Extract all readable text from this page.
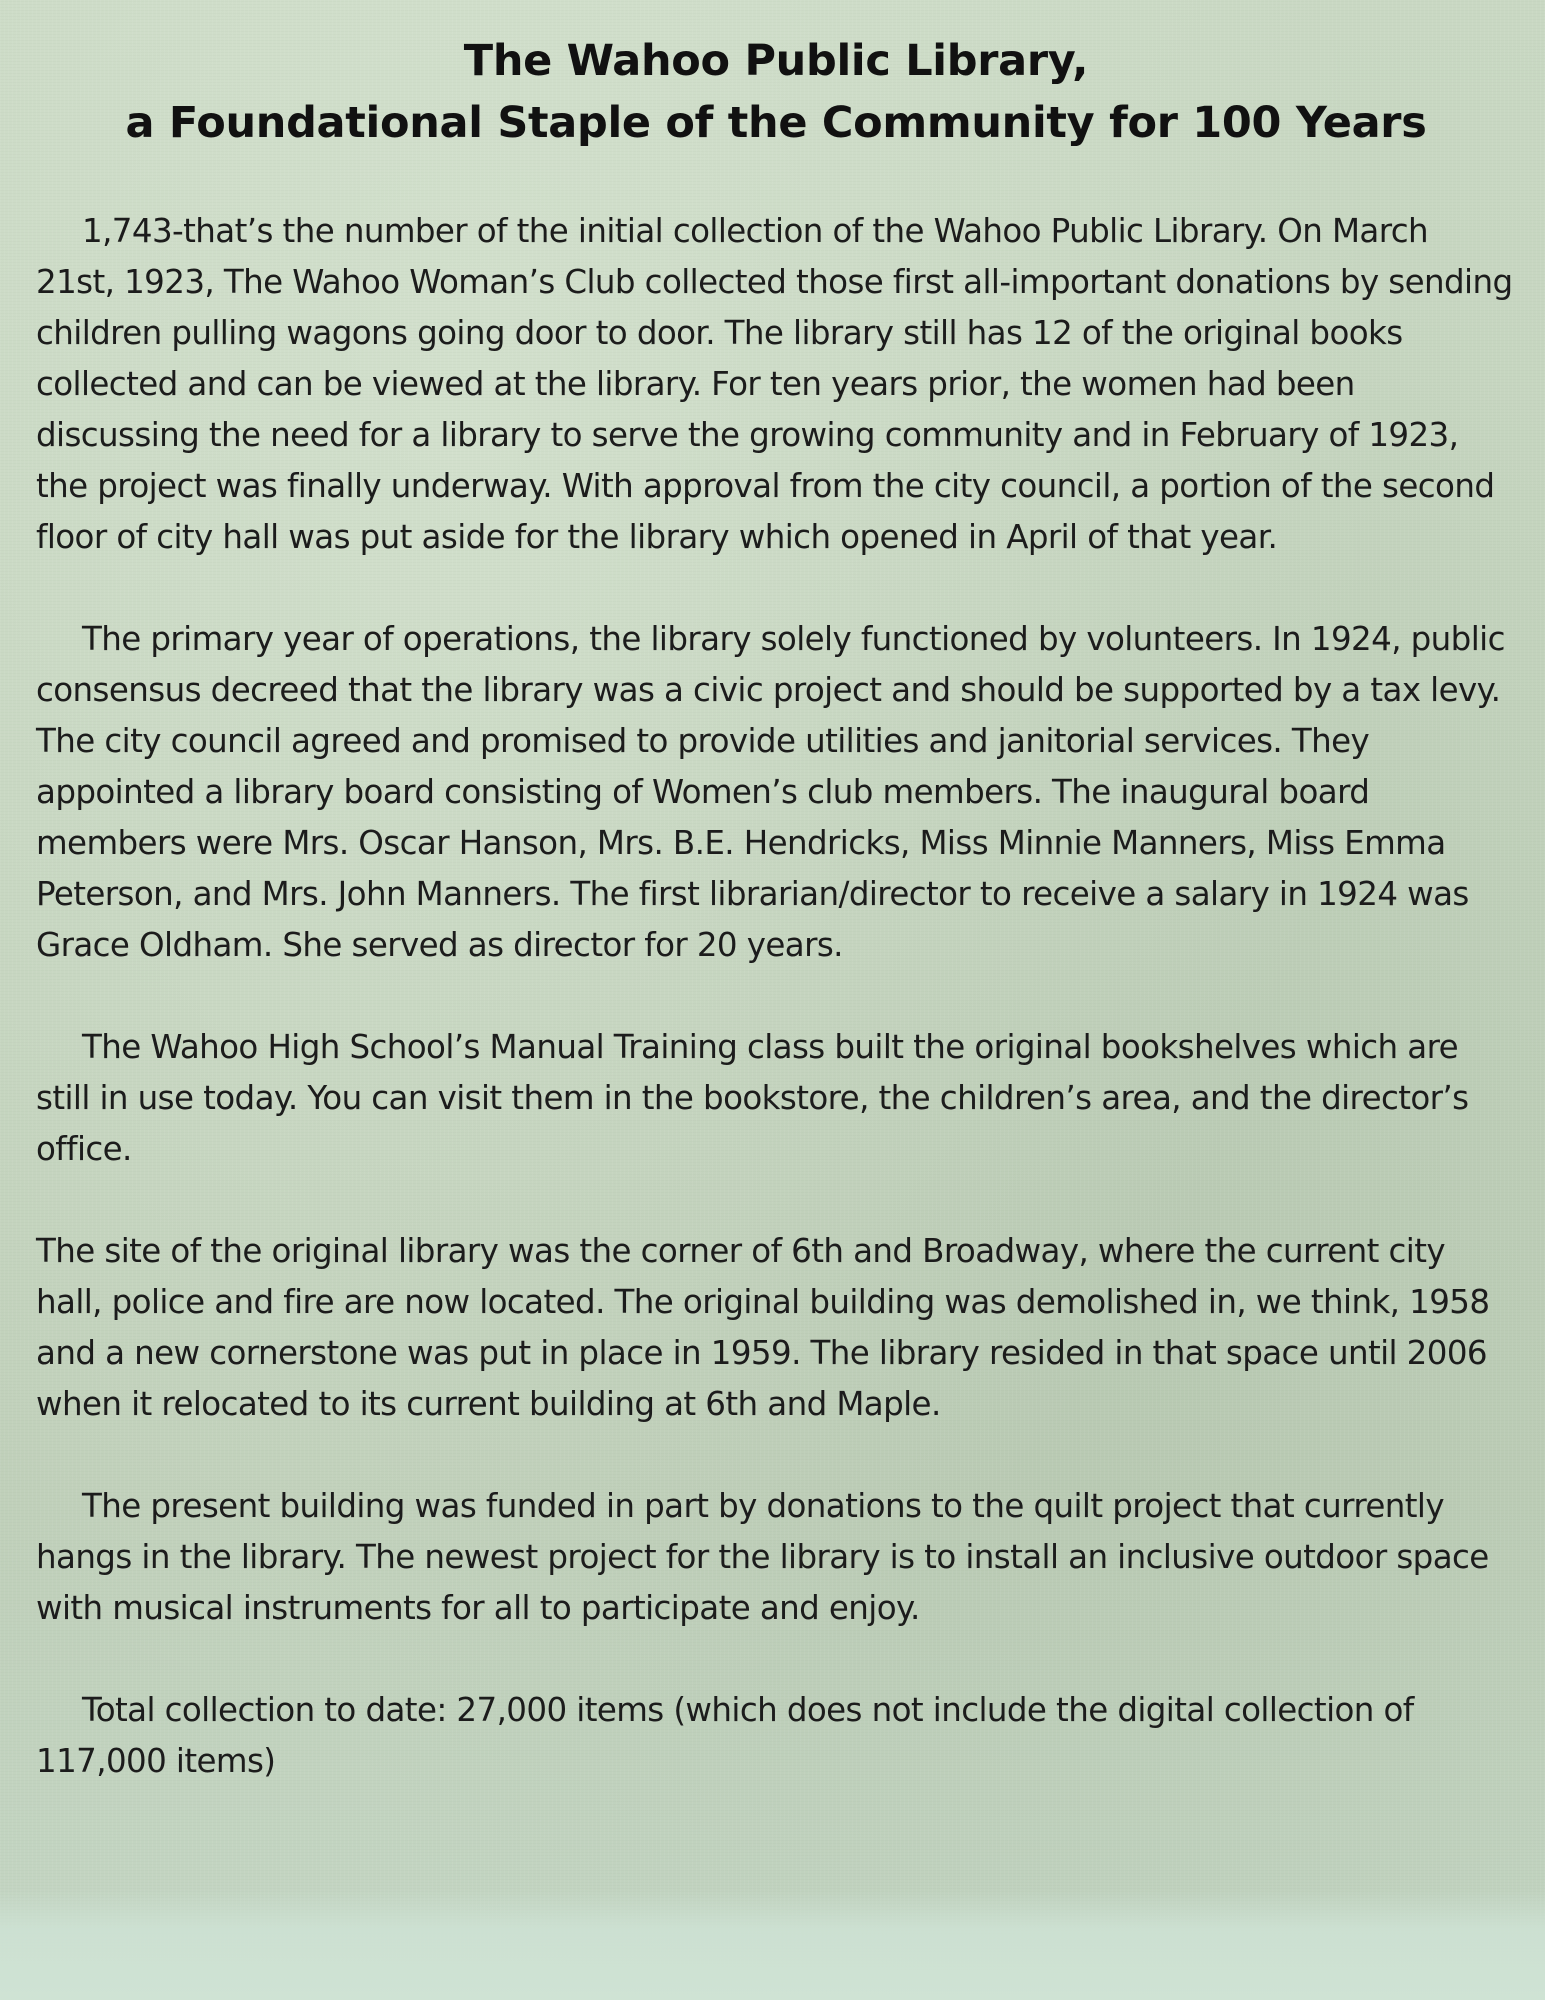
The Wahoo Public Library,
a Foundational Staple of the Community for 100 Years

1,743-that’s the number of the initial collection of the Wahoo Public Library. On March 21st, 1923, The Wahoo Woman’s Club collected those first all-important donations by sending children pulling wagons going door to door. The library still has 12 of the original books collected and can be viewed at the library. For ten years prior, the women had been discussing the need for a library to serve the growing community and in February of 1923, the project was finally underway. With approval from the city council, a portion of the second floor of city hall was put aside for the library which opened in April of that year.

The primary year of operations, the library solely functioned by volunteers. In 1924, public consensus decreed that the library was a civic project and should be supported by a tax levy. The city council agreed and promised to provide utilities and janitorial services. They appointed a library board consisting of Women’s club members. The inaugural board members were Mrs. Oscar Hanson, Mrs. B.E. Hendricks, Miss Minnie Manners, Miss Emma Peterson, and Mrs. John Manners. The first librarian/director to receive a salary in 1924 was Grace Oldham. She served as director for 20 years.

The Wahoo High School’s Manual Training class built the original bookshelves which are still in use today. You can visit them in the bookstore, the children’s area, and the director’s office.

The site of the original library was the corner of 6th and Broadway, where the current city hall, police and fire are now located. The original building was demolished in, we think, 1958 and a new cornerstone was put in place in 1959. The library resided in that space until 2006 when it relocated to its current building at 6th and Maple.

The present building was funded in part by donations to the quilt project that currently hangs in the library. The newest project for the library is to install an inclusive outdoor space with musical instruments for all to participate and enjoy.

Total collection to date: 27,000 items (which does not include the digital collection of 117,000 items)
